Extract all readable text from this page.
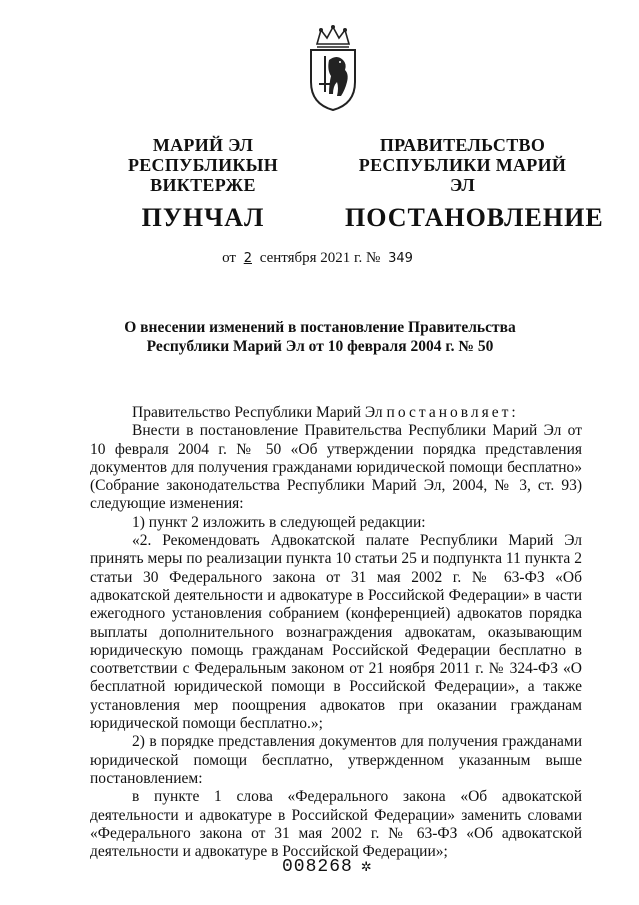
МАРИЙ ЭЛ РЕСПУБЛИКЫН
ВИКТЕРЖЕ
ПУНЧАЛ
ПРАВИТЕЛЬСТВО
РЕСПУБЛИКИ МАРИЙ ЭЛ
ПОСТАНОВЛЕНИЕ
от 2 сентября 2021 г. № 349
О внесении изменений в постановление Правительства
Республики Марий Эл от 10 февраля 2004 г. № 50

Правительство Республики Марий Эл постановляет:

Внести в постановление Правительства Республики Марий Эл от 10 февраля 2004 г. № 50 «Об утверждении порядка представления документов для получения гражданами юридической помощи бесплатно» (Собрание законодательства Республики Марий Эл, 2004, № 3, ст. 93) следующие изменения:

1) пункт 2 изложить в следующей редакции:

«2. Рекомендовать Адвокатской палате Республики Марий Эл принять меры по реализации пункта 10 статьи 25 и подпункта 11 пункта 2 статьи 30 Федерального закона от 31 мая 2002 г. № 63-ФЗ «Об адвокатской деятельности и адвокатуре в Российской Федерации» в части ежегодного установления собранием (конференцией) адвокатов порядка выплаты дополнительного вознаграждения адвокатам, оказывающим юридическую помощь гражданам Российской Федерации бесплатно в соответствии с Федеральным законом от 21 ноября 2011 г. № 324-ФЗ «О бесплатной юридической помощи в Российской Федерации», а также установления мер поощрения адвокатов при оказании гражданам юридической помощи бесплатно.»;

2) в порядке представления документов для получения гражданами юридической помощи бесплатно, утвержденном указанным выше постановлением:

в пункте 1 слова «Федерального закона «Об адвокатской деятельности и адвокатуре в Российской Федерации» заменить словами «Федерального закона от 31 мая 2002 г. № 63-ФЗ «Об адвокатской деятельности и адвокатуре в Российской Федерации»;

008268 ✲
